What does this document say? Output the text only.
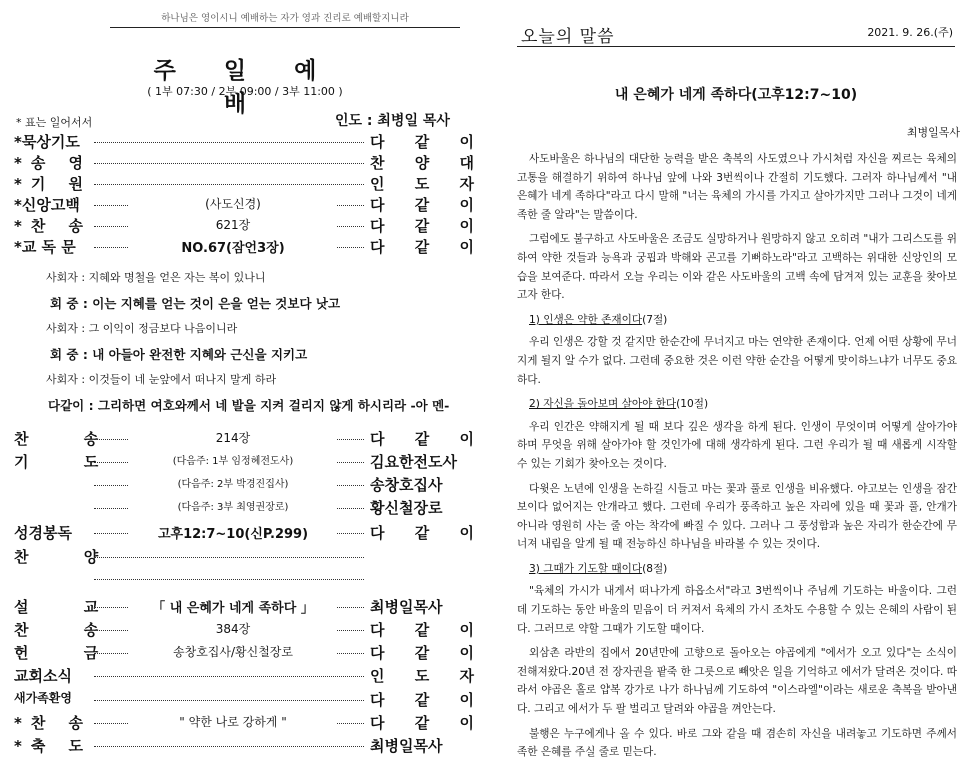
하나님은 영이시니 예배하는 자가 영과 진리로 예배할지니라
주 일 예 배
( 1부 07:30 / 2부 09:00 / 3부 11:00 )
* 표는 일어서서	인도 : 최병일 목사
*묵상기도	다 같 이
*송 영	찬 양 대
*기 원	인 도 자
*신앙고백	(사도신경)	다 같 이
*찬 송	621장	다 같 이
*교 독 문	NO.67(잠언3장)	다 같 이
사회자 : 지혜와 명철을 얻은 자는 복이 있나니
회 중 : 이는 지혜를 얻는 것이 은을 얻는 것보다 낫고
사회자 : 그 이익이 정금보다 나음이니라
회 중 : 내 아들아 완전한 지혜와 근신을 지키고
사회자 : 이것들이 네 눈앞에서 떠나지 말게 하라
다같이 : 그리하면 여호와께서 네 발을 지켜 걸리지 않게 하시리라 -아 멘-
찬 송	214장	다 같 이
기 도	(다음주: 1부 임정혜전도사)	김요한전도사
(다음주: 2부 박경진집사)	송창호집사
(다음주: 3부 최영권장로)	황신철장로
성경봉독	고후12:7~10(신P.299)	다 같 이
찬 양
설 교	「 내 은혜가 네게 족하다 」	최병일목사
찬 송	384장	다 같 이
헌 금	송창호집사/황신철장로	다 같 이
교회소식	인 도 자
새가족환영	다 같 이
*찬 송	" 약한 나로 강하게 "	다 같 이
*축 도	최병일목사
오늘의 말씀	2021. 9. 26.(주)
내 은혜가 네게 족하다(고후12:7~10)
최병일목사

사도바울은 하나님의 대단한 능력을 받은 축복의 사도였으나 가시처럼 자신을 찌르는 육체의 고통을 해결하기 위하여 하나님 앞에 나와 3번씩이나 간절히 기도했다. 그러자 하나님께서 "내 은혜가 네게 족하다"라고 다시 말해 "너는 육체의 가시를 가지고 살아가지만 그러나 그것이 네게 족한 줄 알라"는 말씀이다.

그럼에도 불구하고 사도바울은 조금도 실망하거나 원망하지 않고 오히려 "내가 그리스도를 위하여 약한 것들과 능욕과 궁핍과 박해와 곤고를 기뻐하노라"라고 고백하는 위대한 신앙인의 모습을 보여준다. 따라서 오늘 우리는 이와 같은 사도바울의 고백 속에 담겨져 있는 교훈을 찾아보고자 한다.

1) 인생은 약한 존재이다(7절)

우리 인생은 강할 것 같지만 한순간에 무너지고 마는 연약한 존재이다. 언제 어떤 상황에 무너지게 될지 알 수가 없다. 그런데 중요한 것은 이런 약한 순간을 어떻게 맞이하느냐가 너무도 중요하다.

2) 자신을 돌아보며 살아야 한다(10절)

우리 인간은 약해지게 될 때 보다 깊은 생각을 하게 된다. 인생이 무엇이며 어떻게 살아가야 하며 무엇을 위해 살아가야 할 것인가에 대해 생각하게 된다. 그런 우리가 될 때 새롭게 시작할 수 있는 기회가 찾아오는 것이다.

다윗은 노년에 인생을 논하길 시들고 마는 꽃과 풀로 인생을 비유했다. 야고보는 인생을 잠간 보이다 없어지는 안개라고 했다. 그런데 우리가 풍족하고 높은 자리에 있을 때 꽃과 풀, 안개가 아니라 영원히 사는 줄 아는 착각에 빠질 수 있다. 그러나 그 풍성함과 높은 자리가 한순간에 무너져 내림을 알게 될 때 전능하신 하나님을 바라볼 수 있는 것이다.

3) 그때가 기도할 때이다(8절)

"육체의 가시가 내게서 떠나가게 하옵소서"라고 3번씩이나 주님께 기도하는 바울이다. 그런데 기도하는 동안 바울의 믿음이 더 커져서 육체의 가시 조차도 수용할 수 있는 은혜의 사람이 된다. 그러므로 약할 그때가 기도할 때이다.

외삼촌 라반의 집에서 20년만에 고향으로 돌아오는 야곱에게 "에서가 오고 있다"는 소식이 전해져왔다.20년 전 장자권을 팥죽 한 그릇으로 빼앗은 일을 기억하고 에서가 달려온 것이다. 따라서 야곱은 홀로 얍복 강가로 나가 하나님께 기도하여 "이스라엘"이라는 새로운 축복을 받아낸다. 그리고 에서가 두 팔 벌리고 달려와 야곱을 껴안는다.

불행은 누구에게나 올 수 있다. 바로 그와 같을 때 겸손히 자신을 내려놓고 기도하면 주께서 족한 은혜를 주실 줄로 믿는다.
